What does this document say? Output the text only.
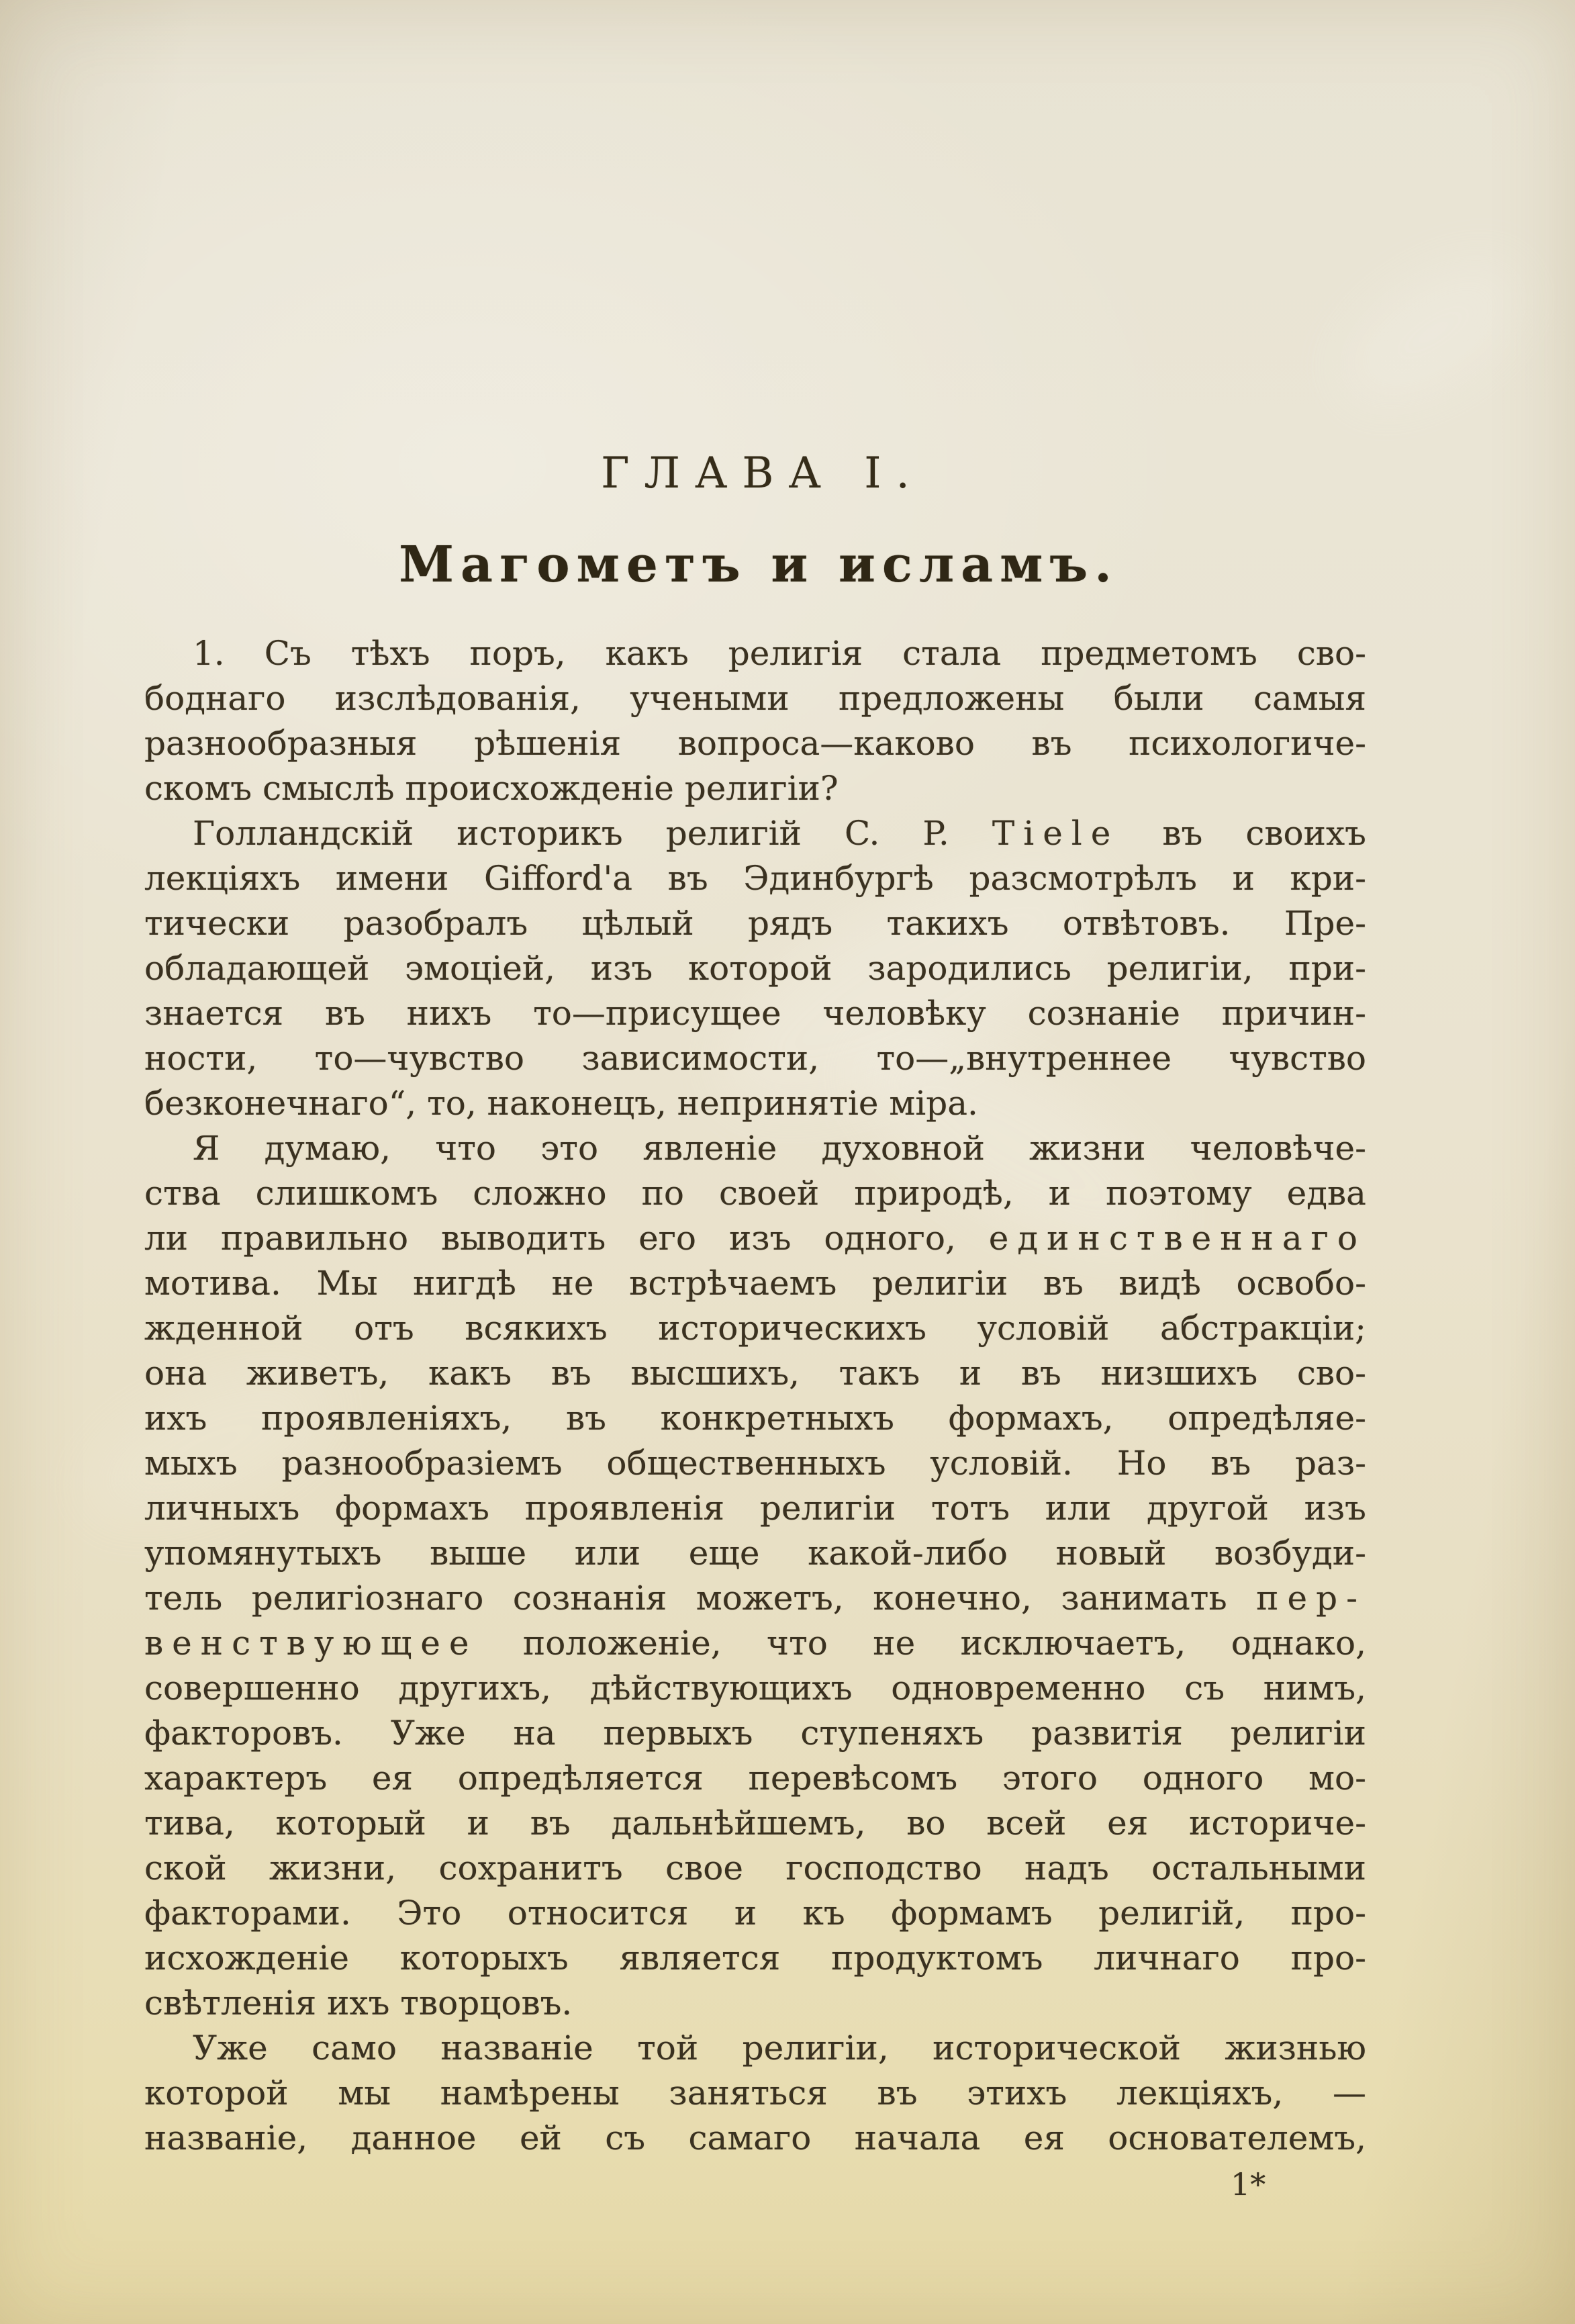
ГЛАВА I.
Магометъ и исламъ.
1. Съ тѣхъ поръ, какъ религія стала предметомъ сво-
боднаго изслѣдованія, учеными предложены были самыя
разнообразныя рѣшенія вопроса—каково въ психологиче-
скомъ смыслѣ происхожденіе религіи?
Голландскій историкъ религій C. P. Tiele въ своихъ
лекціяхъ имени Gifford'а въ Эдинбургѣ разсмотрѣлъ и кри-
тически разобралъ цѣлый рядъ такихъ отвѣтовъ. Пре-
обладающей эмоціей, изъ которой зародились религіи, при-
знается въ нихъ то—присущее человѣку сознаніе причин-
ности, то—чувство зависимости, то—„внутреннее чувство
безконечнаго“, то, наконецъ, непринятіе міра.
Я думаю, что это явленіе духовной жизни человѣче-
ства слишкомъ сложно по своей природѣ, и поэтому едва
ли правильно выводить его изъ одного, единственнаго
мотива. Мы нигдѣ не встрѣчаемъ религіи въ видѣ освобо-
жденной отъ всякихъ историческихъ условій абстракціи;
она живетъ, какъ въ высшихъ, такъ и въ низшихъ сво-
ихъ проявленіяхъ, въ конкретныхъ формахъ, опредѣляе-
мыхъ разнообразіемъ общественныхъ условій. Но въ раз-
личныхъ формахъ проявленія религіи тотъ или другой изъ
упомянутыхъ выше или еще какой-либо новый возбуди-
тель религіознаго сознанія можетъ, конечно, занимать пер-
венствующее положеніе, что не исключаетъ, однако,
совершенно другихъ, дѣйствующихъ одновременно съ нимъ,
факторовъ. Уже на первыхъ ступеняхъ развитія религіи
характеръ ея опредѣляется перевѣсомъ этого одного мо-
тива, который и въ дальнѣйшемъ, во всей ея историче-
ской жизни, сохранитъ свое господство надъ остальными
факторами. Это относится и къ формамъ религій, про-
исхожденіе которыхъ является продуктомъ личнаго про-
свѣтленія ихъ творцовъ.
Уже само названіе той религіи, исторической жизнью
которой мы намѣрены заняться въ этихъ лекціяхъ, —
названіе, данное ей съ самаго начала ея основателемъ,
1*
